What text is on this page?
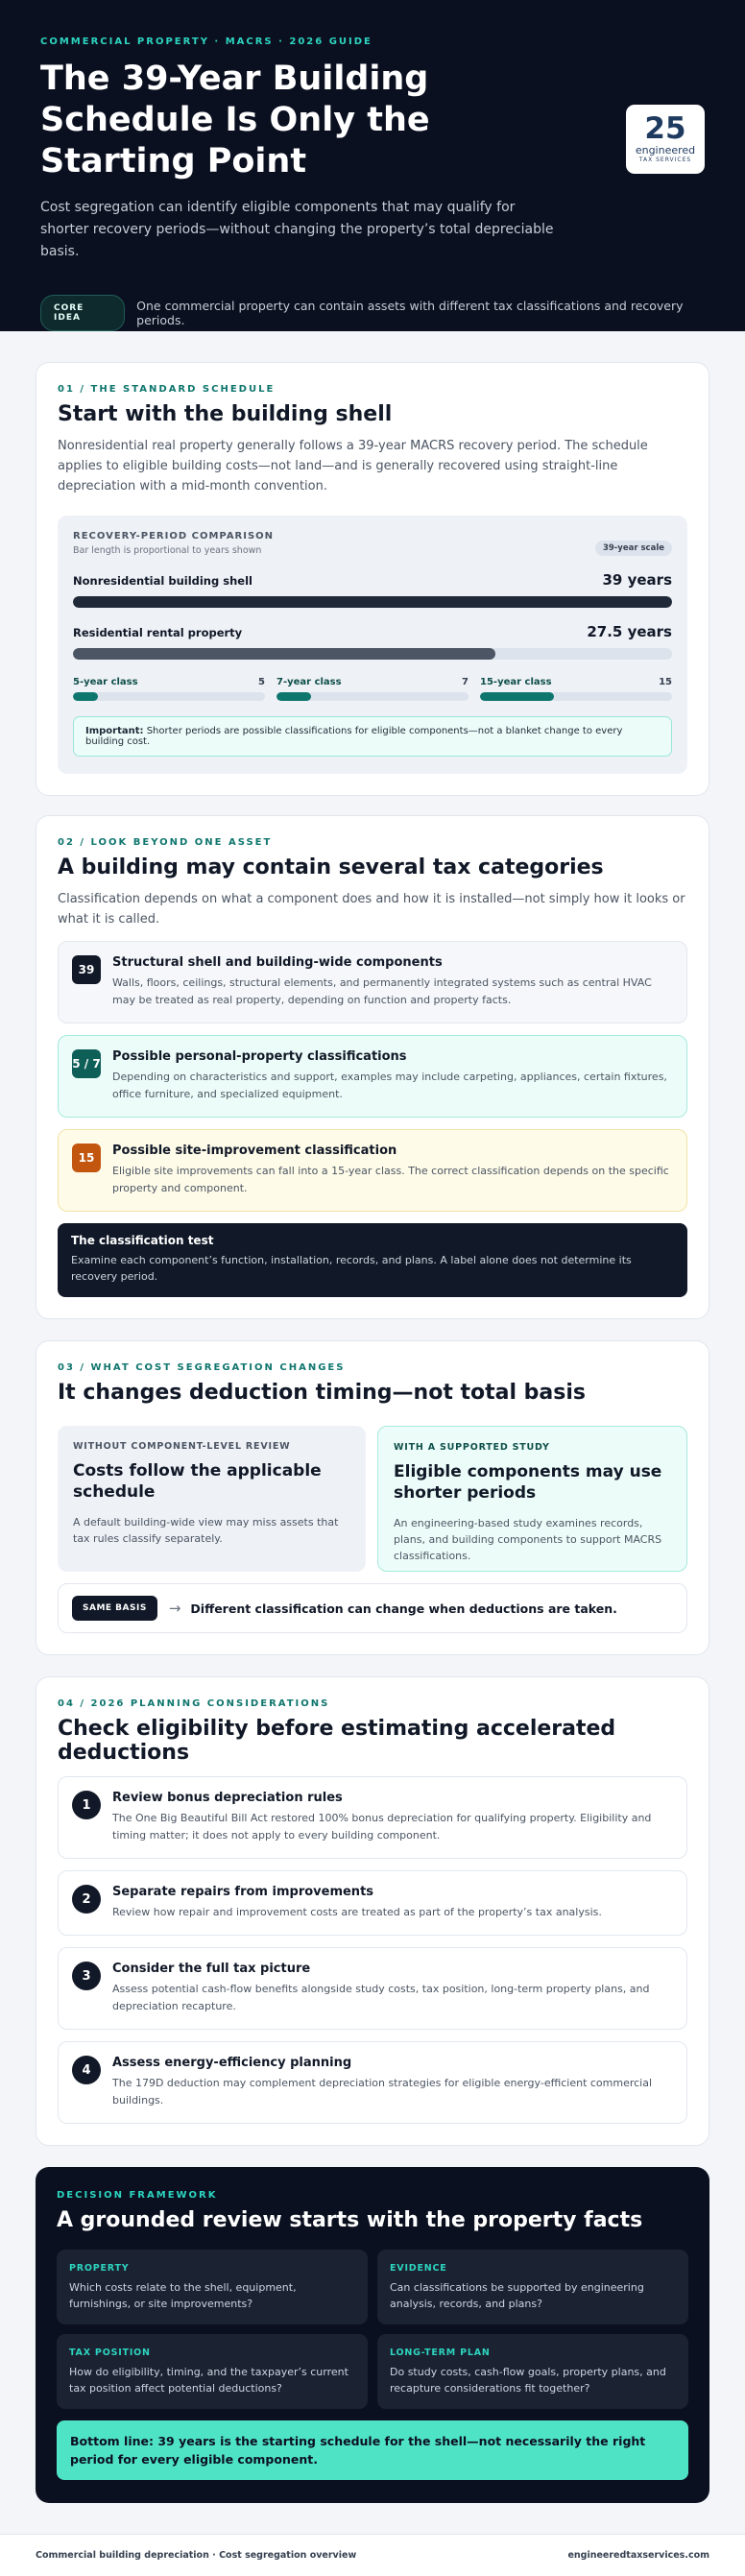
COMMERCIAL PROPERTY · MACRS · 2026 GUIDE
The 39-Year Building Schedule Is Only the Starting Point

Cost segregation can identify eligible components that may qualify for shorter recovery periods—without changing the property’s total depreciable basis.

25
engineered
TAX SERVICES
CORE IDEA
One commercial property can contain assets with different tax classifications and recovery periods.
01 / THE STANDARD SCHEDULE
Start with the building shell

Nonresidential real property generally follows a 39-year MACRS recovery period. The schedule applies to eligible building costs—not land—and is generally recovered using straight-line depreciation with a mid-month convention.

RECOVERY-PERIOD COMPARISON
Bar length is proportional to years shown	39-year scale
Nonresidential building shell	39 years
Residential rental property	27.5 years
5-year class	5 7-year class	7 15-year class	15
Important: Shorter periods are possible classifications for eligible components—not a blanket change to every building cost.
02 / LOOK BEYOND ONE ASSET
A building may contain several tax categories

Classification depends on what a component does and how it is installed—not simply how it looks or what it is called.

39	Structural shell and building-wide components
Walls, floors, ceilings, structural elements, and permanently integrated systems such as central HVAC may be treated as real property, depending on function and property facts.
5 / 7 Possible personal-property classifications
Depending on characteristics and support, examples may include carpeting, appliances, certain fixtures, office furniture, and specialized equipment.
15	Possible site-improvement classification
Eligible site improvements can fall into a 15-year class. The correct classification depends on the specific property and component.
The classification test
Examine each component’s function, installation, records, and plans. A label alone does not determine its recovery period.
03 / WHAT COST SEGREGATION CHANGES
It changes deduction timing—not total basis
WITHOUT COMPONENT-LEVEL REVIEW
Costs follow the applicable schedule
A default building-wide view may miss assets that tax rules classify separately.
WITH A SUPPORTED STUDY
Eligible components may use shorter periods
An engineering-based study examines records, plans, and building components to support MACRS classifications.
SAME BASIS	→ Different classification can change when deductions are taken.
04 / 2026 PLANNING CONSIDERATIONS
Check eligibility before estimating accelerated deductions
1	Review bonus depreciation rules
The One Big Beautiful Bill Act restored 100% bonus depreciation for qualifying property. Eligibility and timing matter; it does not apply to every building component.
2	Separate repairs from improvements
Review how repair and improvement costs are treated as part of the property’s tax analysis.
3	Consider the full tax picture
Assess potential cash-flow benefits alongside study costs, tax position, long-term property plans, and depreciation recapture.
4	Assess energy-efficiency planning
The 179D deduction may complement depreciation strategies for eligible energy-efficient commercial buildings.
DECISION FRAMEWORK
A grounded review starts with the property facts
PROPERTY
Which costs relate to the shell, equipment, furnishings, or site improvements?
EVIDENCE
Can classifications be supported by engineering analysis, records, and plans?
TAX POSITION
How do eligibility, timing, and the taxpayer’s current tax position affect potential deductions?
LONG-TERM PLAN
Do study costs, cash-flow goals, property plans, and recapture considerations fit together?
Bottom line: 39 years is the starting schedule for the shell—not necessarily the right period for every eligible component.
Commercial building depreciation · Cost segregation overview	engineeredtaxservices.com
